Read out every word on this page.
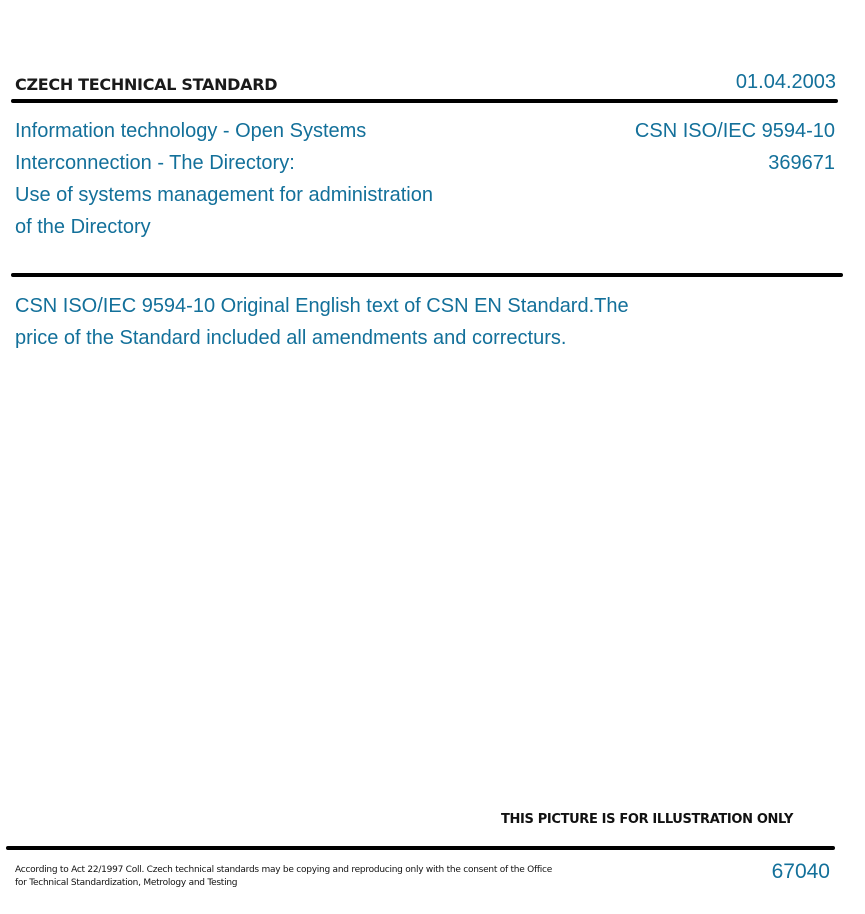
CZECH TECHNICAL STANDARD	01.04.2003
Information technology - Open Systems
Interconnection - The Directory:
Use of systems management for administration
of the Directory
CSN ISO/IEC 9594-10
369671
CSN ISO/IEC 9594-10 Original English text of CSN EN Standard.The
price of the Standard included all amendments and correcturs.
THIS PICTURE IS FOR ILLUSTRATION ONLY
According to Act 22/1997 Coll. Czech technical standards may be copying and reproducing only with the consent of the Office
for Technical Standardization, Metrology and Testing	67040
